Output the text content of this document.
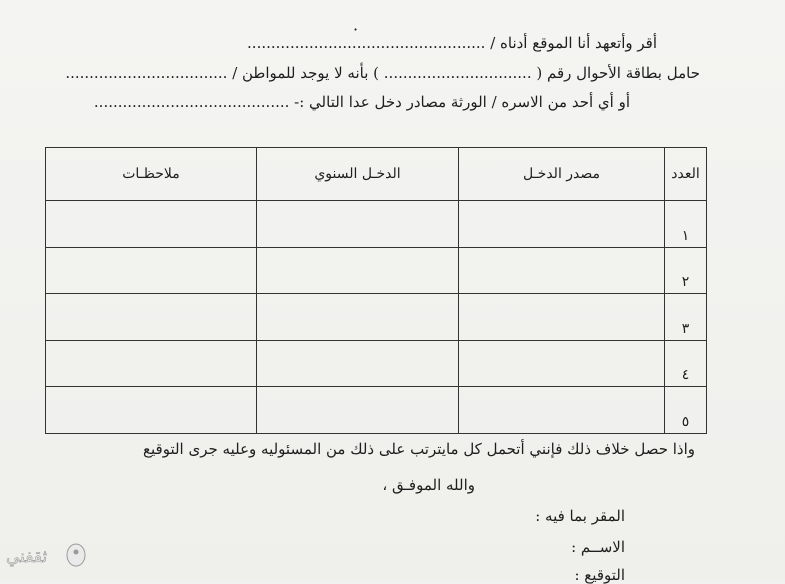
·
أقر وأتعهد أنا الموقع أدناه / ..................................................
حامل بطاقة الأحوال رقم ( ............................... ) بأنه لا يوجد للمواطن / ..................................
أو أي أحد من الاسره / الورثة مصادر دخل عدا التالي :- .........................................
العدد	مصدر الدخـل	الدخـل السنوي	ملاحظـات
١			
٢			
٣			
٤			
٥			
واذا حصل خلاف ذلك فإنني أتحمل كل مايترتب على ذلك من المسئوليه وعليه جرى التوقيع
والله الموفـق ،
المقر بما فيه :
الاســم :
التوقيع :
ثقفني
